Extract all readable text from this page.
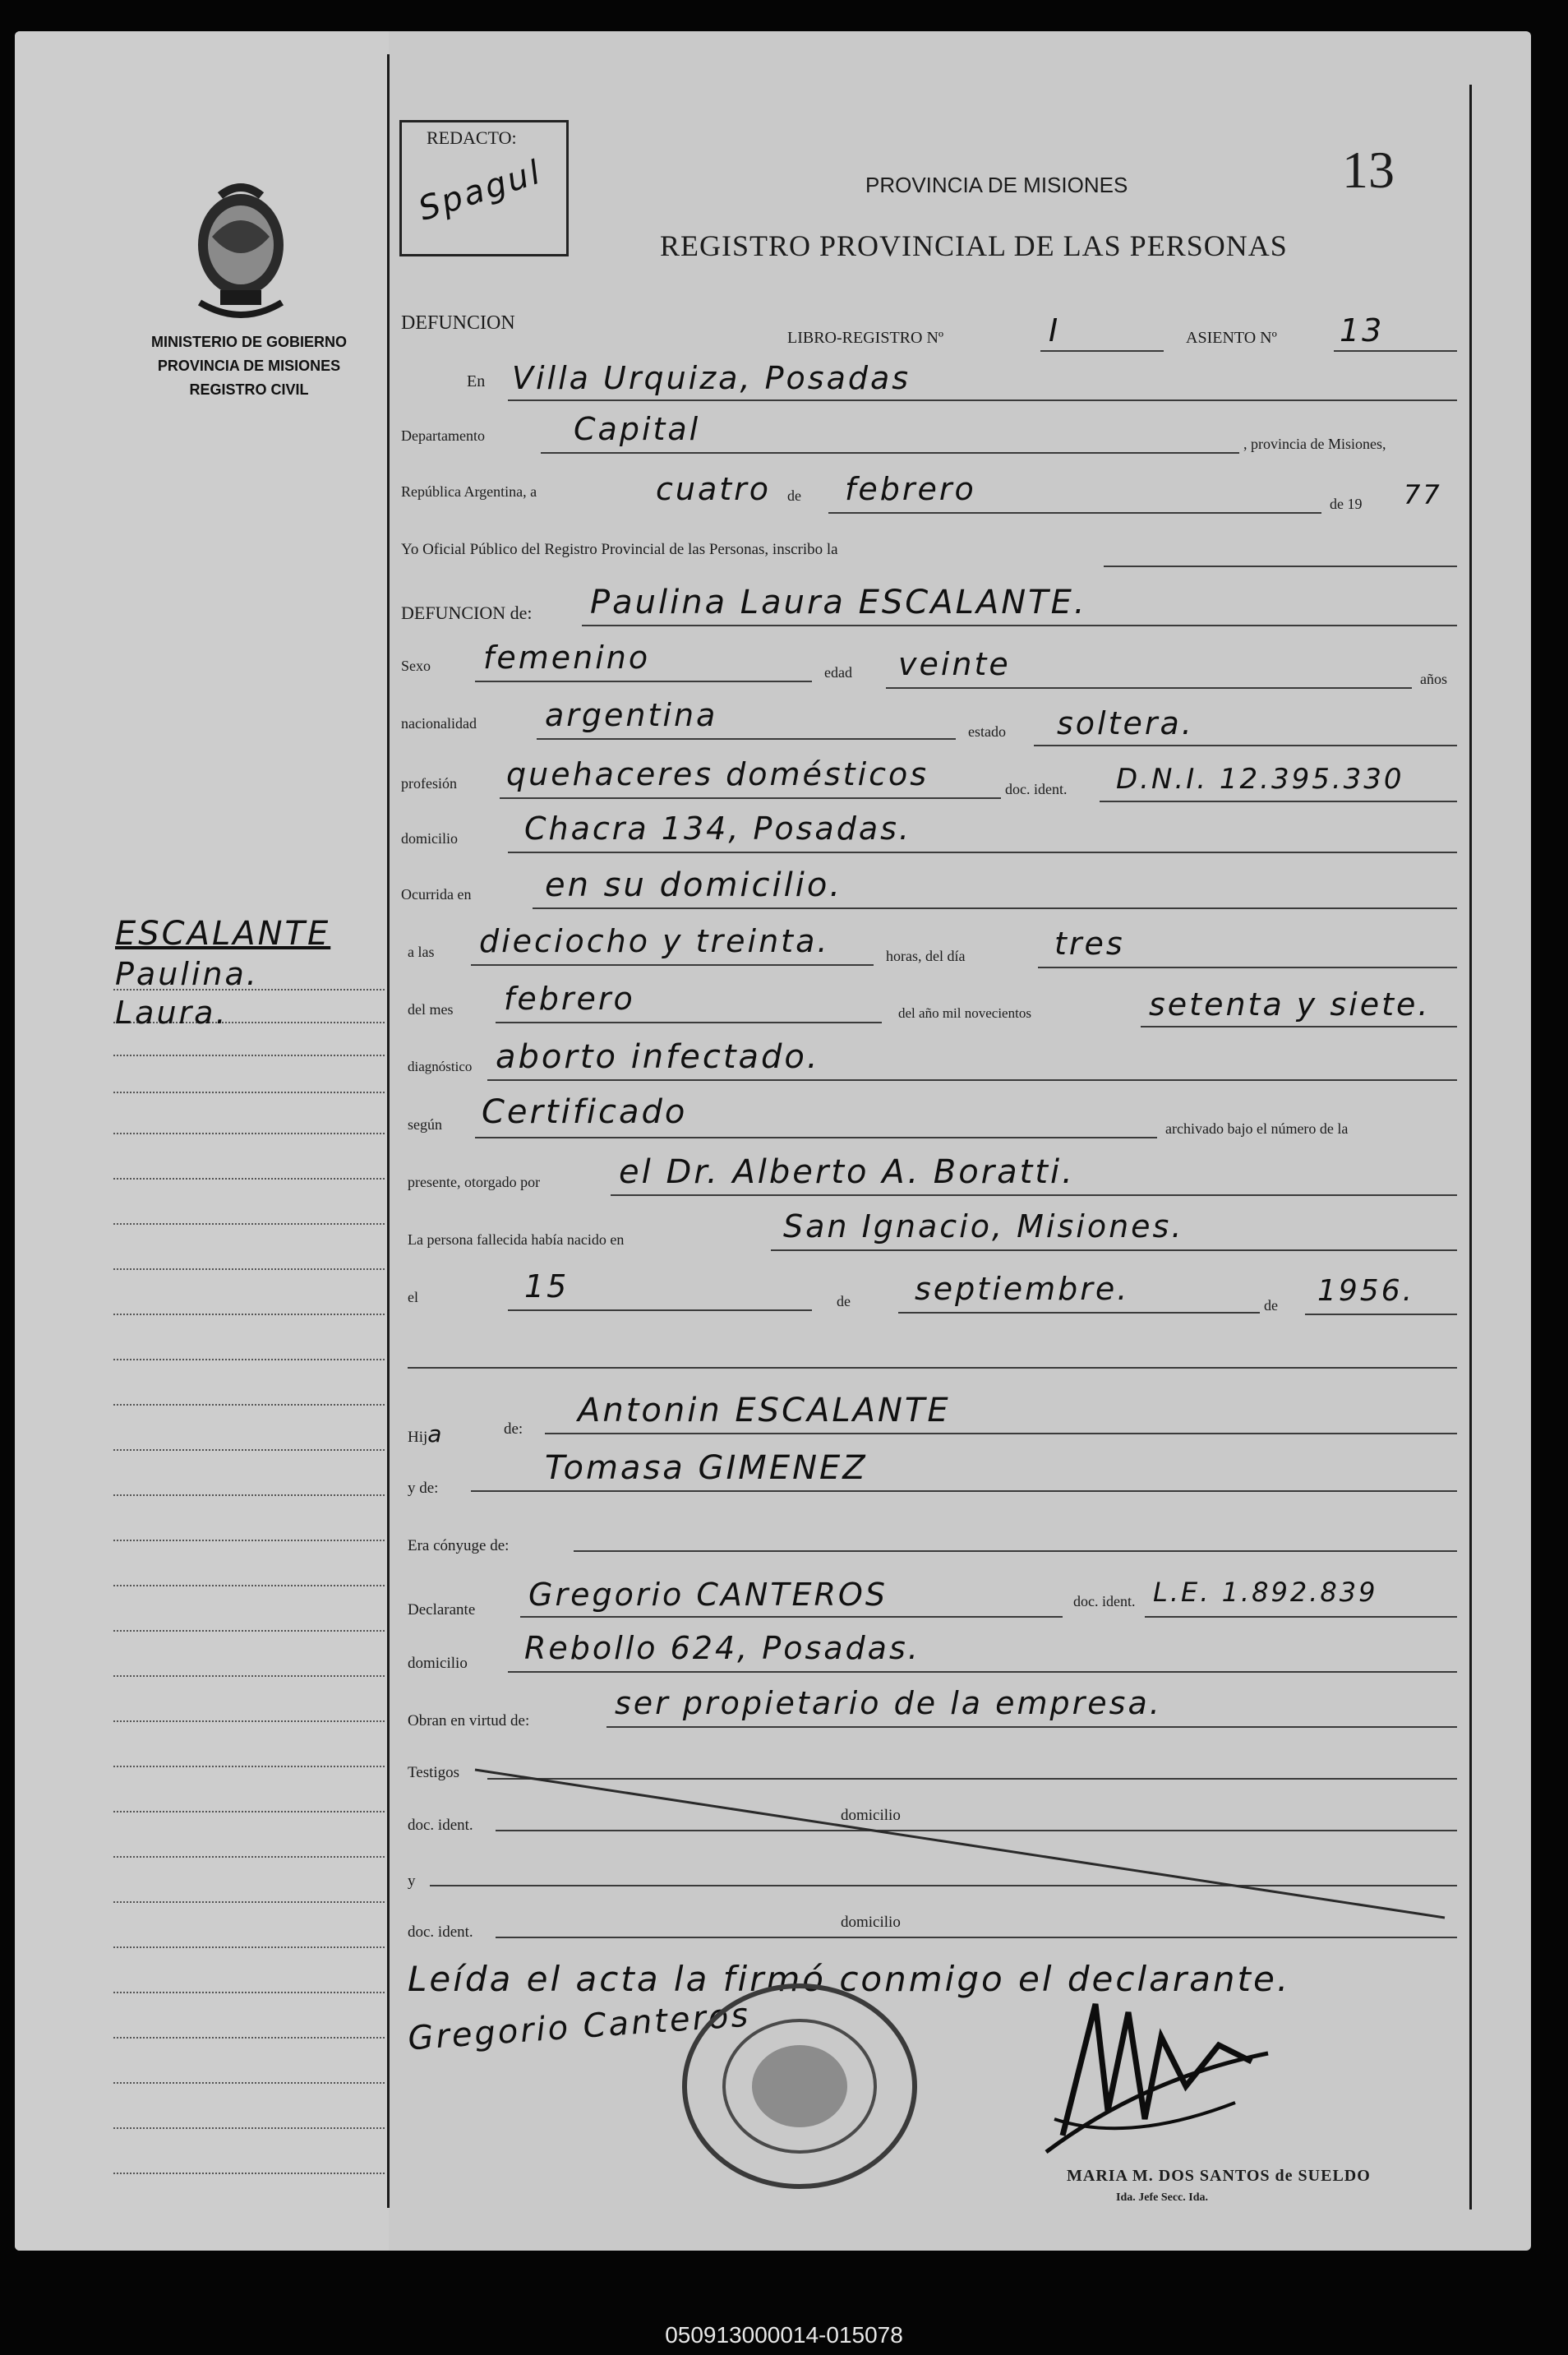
MINISTERIO DE GOBIERNO
PROVINCIA DE MISIONES
REGISTRO CIVIL
ESCALANTE
Paulina.
Laura.
REDACTO:
Spagul	PROVINCIA DE MISIONES	13
REGISTRO PROVINCIAL DE LAS PERSONAS
DEFUNCION
LIBRO-REGISTRO Nº	I	ASIENTO Nº 13
En Villa Urquiza, Posadas
Departamento	Capital	, provincia de Misiones,
República Argentina, a	cuatro de febrero	de 19 77
Yo Oficial Público del Registro Provincial de las Personas, inscribo la
DEFUNCION de: Paulina Laura ESCALANTE.
Sexo femenino	edad veinte	años
nacionalidad argentina	estado soltera.
profesión quehaceres domésticos	doc. ident. D.N.I. 12.395.330
domicilio Chacra 134, Posadas.
Ocurrida en en su domicilio.
a las dieciocho y treinta.	horas, del día	tres
del mes febrero	del año mil novecientos	setenta y siete.
diagnóstico aborto infectado.
según Certificado	archivado bajo el número de la
presente, otorgado por el Dr. Alberto A. Boratti.
La persona fallecida había nacido en	San Ignacio, Misiones.
el	15	de septiembre.	de 1956.
Hija	de: Antonin ESCALANTE
y de:
Tomasa GIMENEZ
Era cónyuge de:
Declarante Gregorio CANTEROS	doc. ident. L.E. 1.892.839
domicilio Rebollo 624, Posadas.
Obran en virtud de:	ser propietario de la empresa.
Testigos
doc. ident.
domicilio
y
doc. ident.
domicilio
Leída el acta la firmó conmigo el declarante.
Gregorio Canteros
MARIA M. DOS SANTOS de SUELDO
Ida. Jefe Secc. Ida.
050913000014-015078
